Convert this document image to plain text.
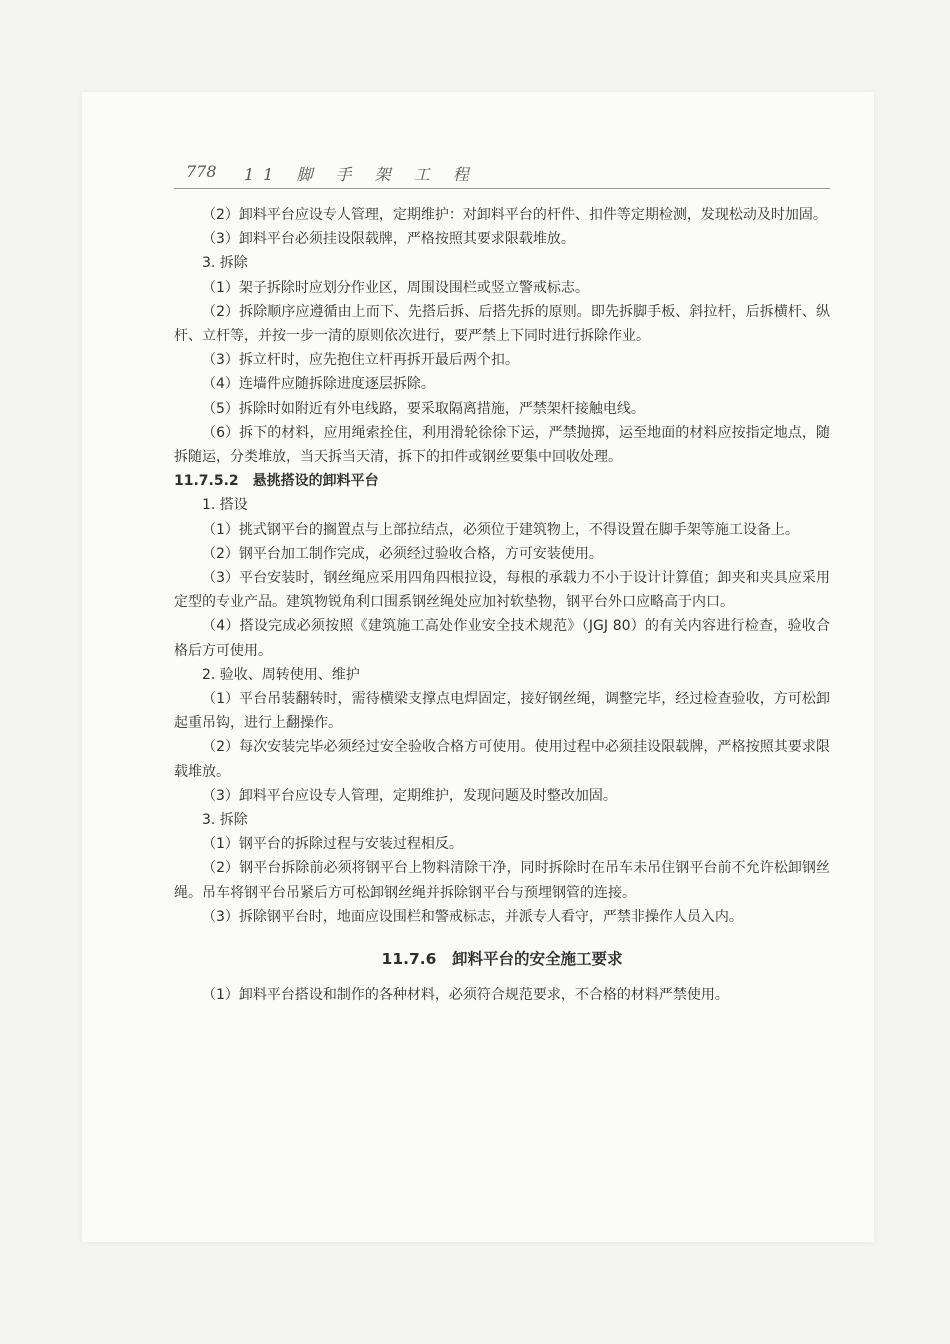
778 11 脚 手 架 工 程

（2）卸料平台应设专人管理，定期维护：对卸料平台的杆件、扣件等定期检测，发现松动及时加固。

（3）卸料平台必须挂设限载牌，严格按照其要求限载堆放。

3. 拆除

（1）架子拆除时应划分作业区，周围设围栏或竖立警戒标志。

（2）拆除顺序应遵循由上而下、先搭后拆、后搭先拆的原则。即先拆脚手板、斜拉杆，后拆横杆、纵杆、立杆等，并按一步一清的原则依次进行，要严禁上下同时进行拆除作业。

（3）拆立杆时，应先抱住立杆再拆开最后两个扣。

（4）连墙件应随拆除进度逐层拆除。

（5）拆除时如附近有外电线路，要采取隔离措施，严禁架杆接触电线。

（6）拆下的材料，应用绳索拴住，利用滑轮徐徐下运，严禁抛掷，运至地面的材料应按指定地点，随拆随运，分类堆放，当天拆当天清，拆下的扣件或钢丝要集中回收处理。

11.7.5.2　悬挑搭设的卸料平台

1. 搭设

（1）挑式钢平台的搁置点与上部拉结点，必须位于建筑物上，不得设置在脚手架等施工设备上。

（2）钢平台加工制作完成，必须经过验收合格，方可安装使用。

（3）平台安装时，钢丝绳应采用四角四根拉设，每根的承载力不小于设计计算值；卸夹和夹具应采用定型的专业产品。建筑物锐角利口围系钢丝绳处应加衬软垫物，钢平台外口应略高于内口。

（4）搭设完成必须按照《建筑施工高处作业安全技术规范》（JGJ 80）的有关内容进行检查，验收合格后方可使用。

2. 验收、周转使用、维护

（1）平台吊装翻转时，需待横梁支撑点电焊固定，接好钢丝绳，调整完毕，经过检查验收，方可松卸起重吊钩，进行上翻操作。

（2）每次安装完毕必须经过安全验收合格方可使用。使用过程中必须挂设限载牌，严格按照其要求限载堆放。

（3）卸料平台应设专人管理，定期维护，发现问题及时整改加固。

3. 拆除

（1）钢平台的拆除过程与安装过程相反。

（2）钢平台拆除前必须将钢平台上物料清除干净，同时拆除时在吊车未吊住钢平台前不允许松卸钢丝绳。吊车将钢平台吊紧后方可松卸钢丝绳并拆除钢平台与预埋钢管的连接。

（3）拆除钢平台时，地面应设围栏和警戒标志，并派专人看守，严禁非操作人员入内。

11.7.6　卸料平台的安全施工要求

（1）卸料平台搭设和制作的各种材料，必须符合规范要求，不合格的材料严禁使用。
